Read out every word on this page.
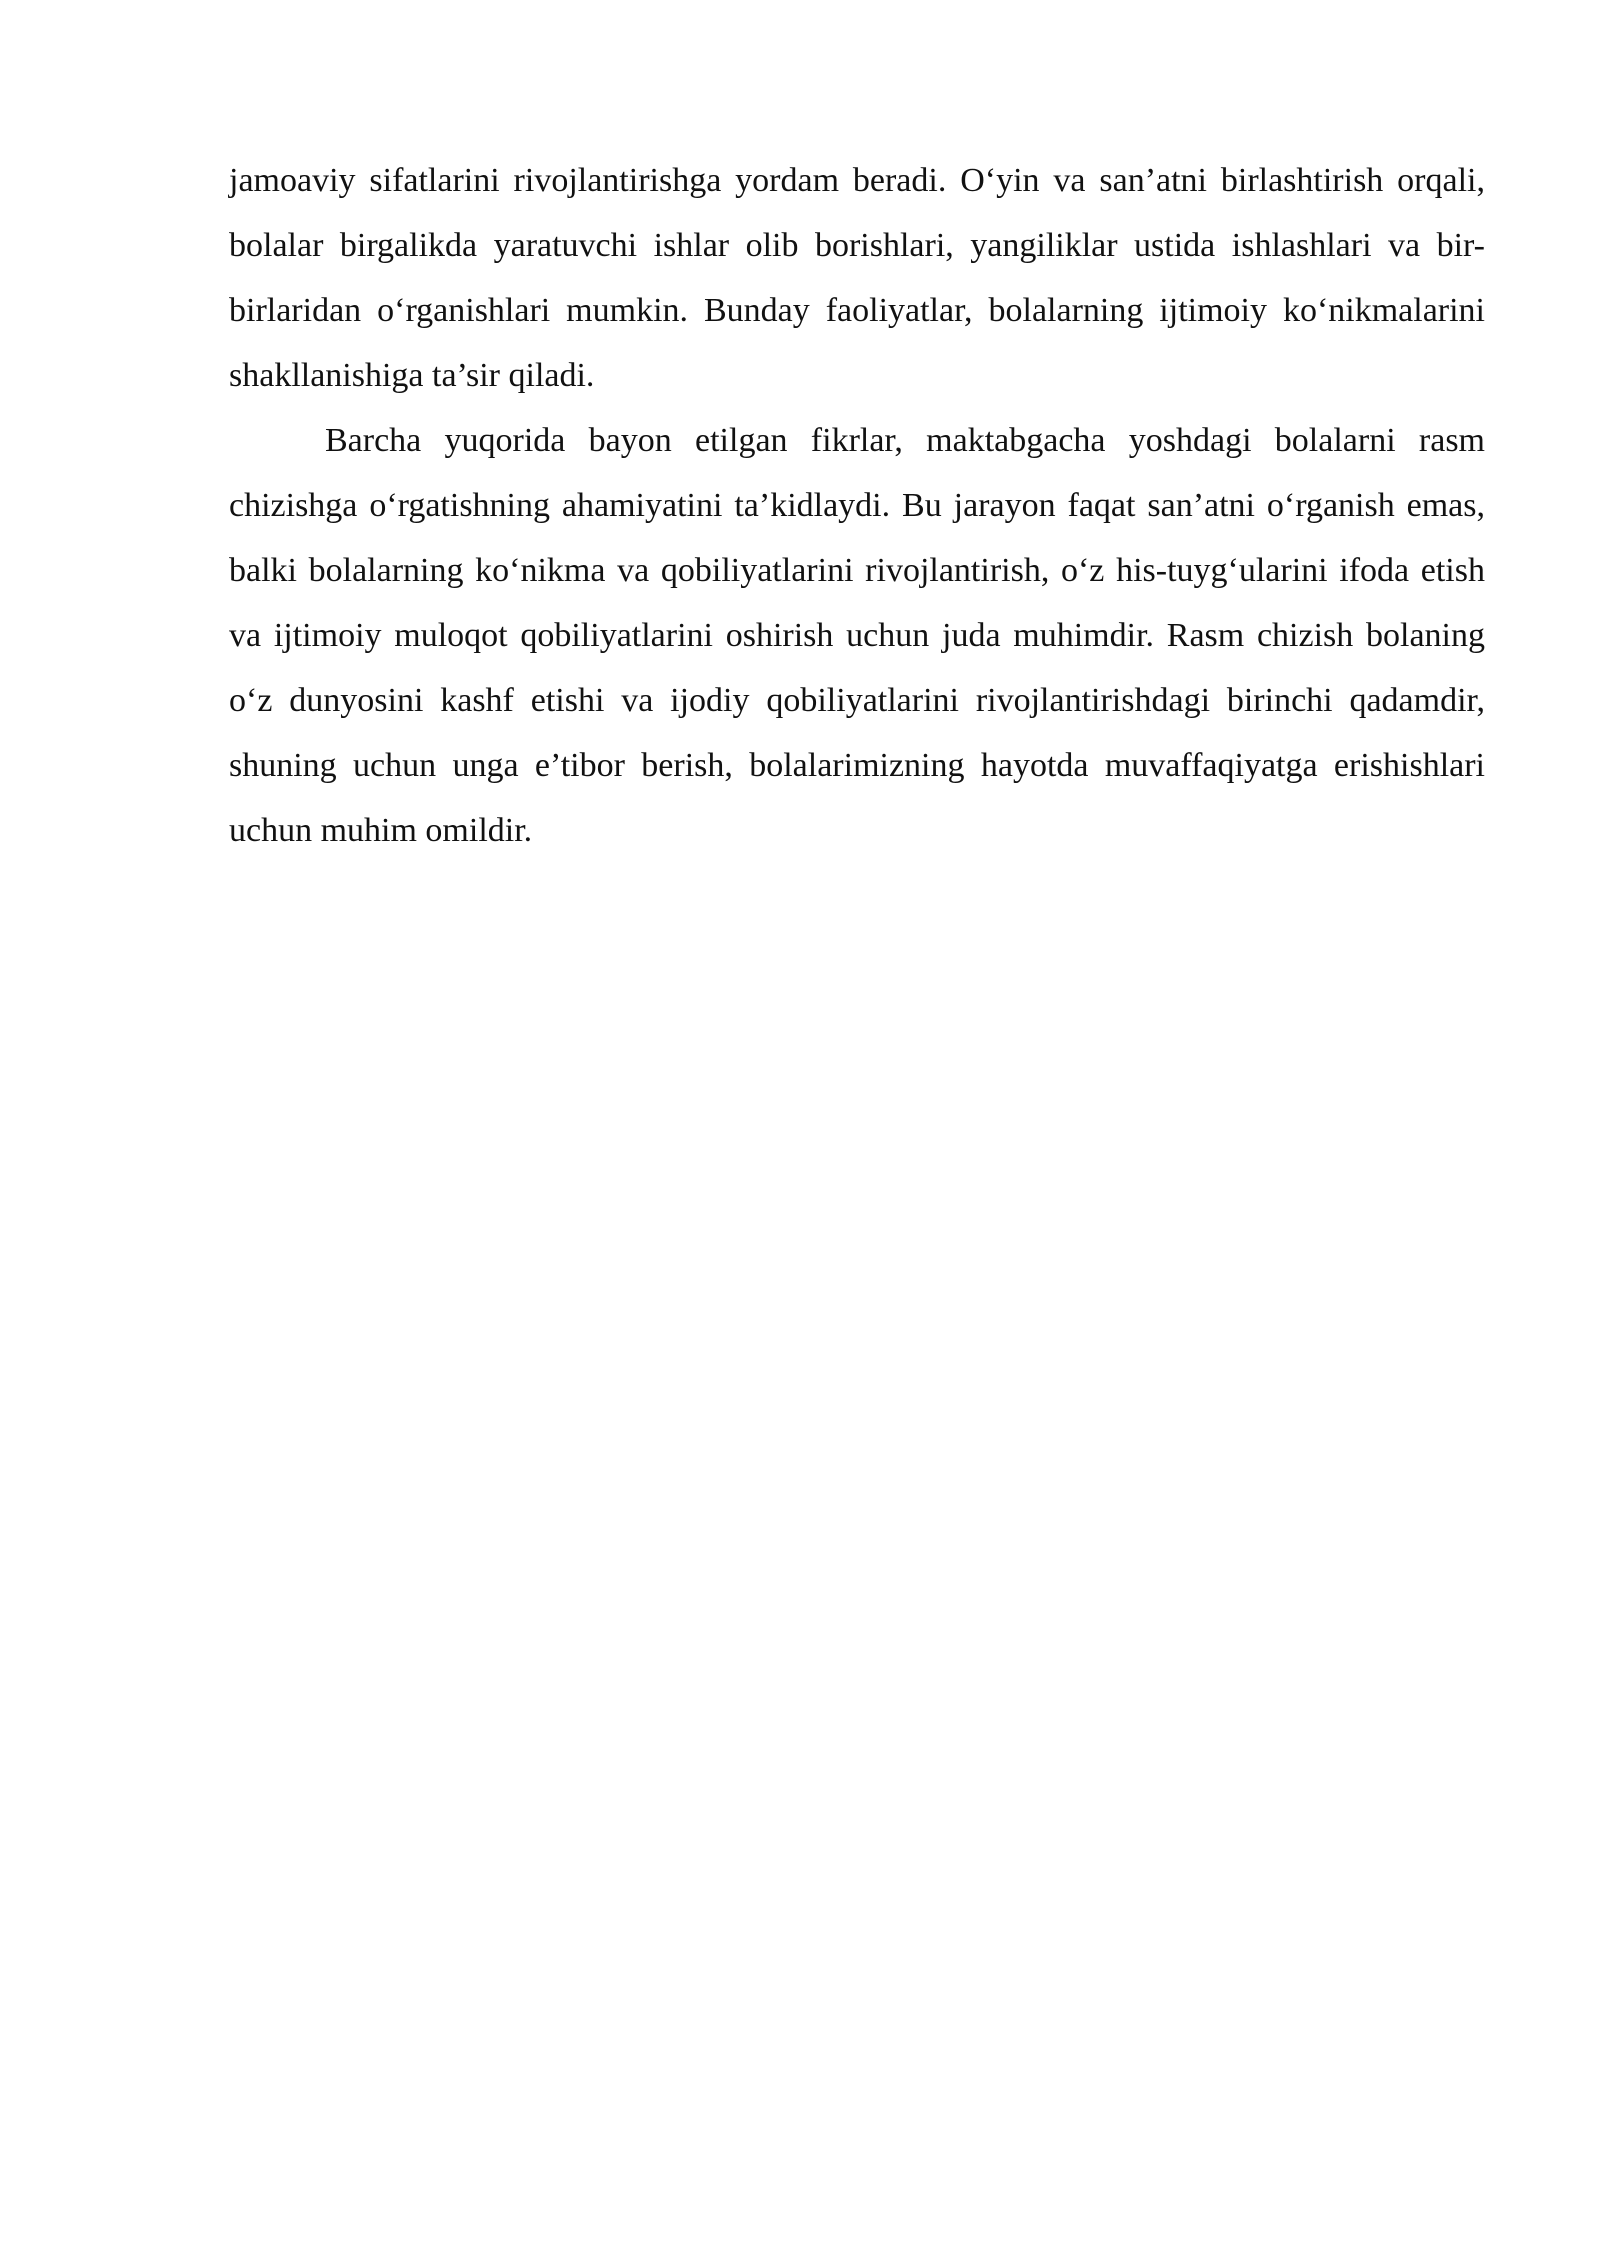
jamoaviy sifatlarini rivojlantirishga yordam beradi. O‘yin va san’atni birlashtirish orqali, bolalar birgalikda yaratuvchi ishlar olib borishlari, yangiliklar ustida ishlashlari va bir-birlaridan o‘rganishlari mumkin. Bunday faoliyatlar, bolalarning ijtimoiy ko‘nikmalarini shakllanishiga ta’sir qiladi.

Barcha yuqorida bayon etilgan fikrlar, maktabgacha yoshdagi bolalarni rasm chizishga o‘rgatishning ahamiyatini ta’kidlaydi. Bu jarayon faqat san’atni o‘rganish emas, balki bolalarning ko‘nikma va qobiliyatlarini rivojlantirish, o‘z his-tuyg‘ularini ifoda etish va ijtimoiy muloqot qobiliyatlarini oshirish uchun juda muhimdir. Rasm chizish bolaning o‘z dunyosini kashf etishi va ijodiy qobiliyatlarini rivojlantirishdagi birinchi qadamdir, shuning uchun unga e’tibor berish, bolalarimizning hayotda muvaffaqiyatga erishishlari uchun muhim omildir.
